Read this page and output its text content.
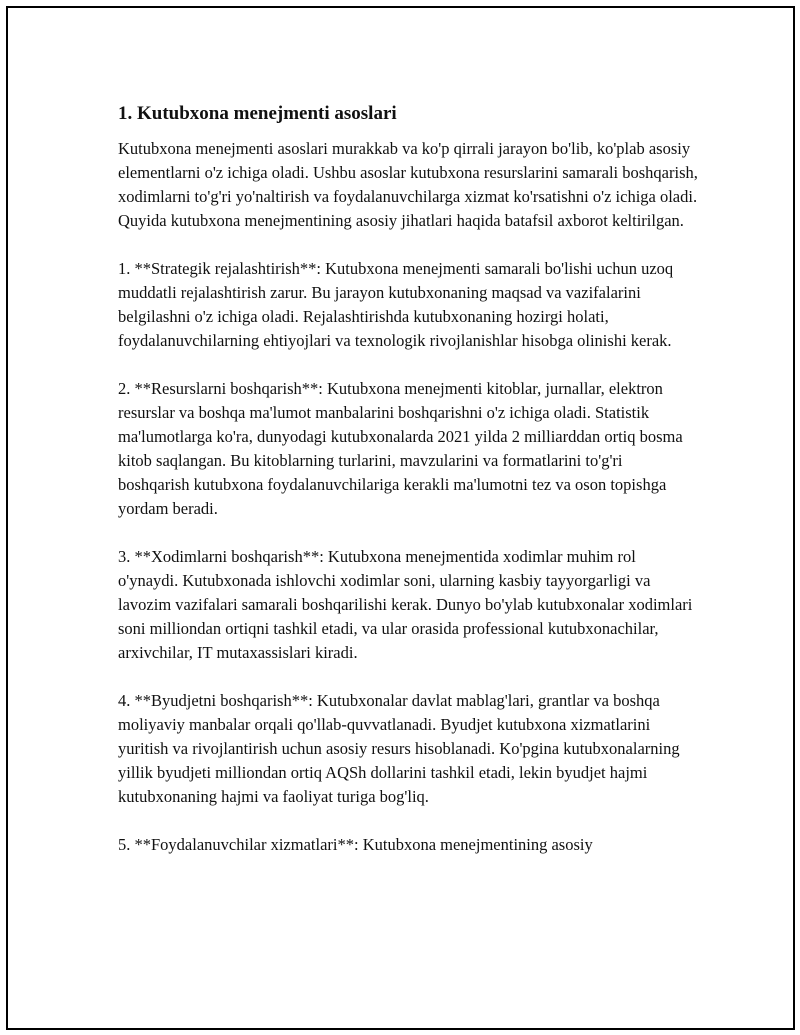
1. Kutubxona menejmenti asoslari

Kutubxona menejmenti asoslari murakkab va ko'p qirrali jarayon bo'lib, ko'plab asosiy elementlarni o'z ichiga oladi. Ushbu asoslar kutubxona resurslarini samarali boshqarish, xodimlarni to'g'ri yo'naltirish va foydalanuvchilarga xizmat ko'rsatishni o'z ichiga oladi. Quyida kutubxona menejmentining asosiy jihatlari haqida batafsil axborot keltirilgan.

1. **Strategik rejalashtirish**: Kutubxona menejmenti samarali bo'lishi uchun uzoq muddatli rejalashtirish zarur. Bu jarayon kutubxonaning maqsad va vazifalarini belgilashni o'z ichiga oladi. Rejalashtirishda kutubxonaning hozirgi holati, foydalanuvchilarning ehtiyojlari va texnologik rivojlanishlar hisobga olinishi kerak.

2. **Resurslarni boshqarish**: Kutubxona menejmenti kitoblar, jurnallar, elektron resurslar va boshqa ma'lumot manbalarini boshqarishni o'z ichiga oladi. Statistik ma'lumotlarga ko'ra, dunyodagi kutubxonalarda 2021 yilda 2 milliarddan ortiq bosma kitob saqlangan. Bu kitoblarning turlarini, mavzularini va formatlarini to'g'ri boshqarish kutubxona foydalanuvchilariga kerakli ma'lumotni tez va oson topishga yordam beradi.

3. **Xodimlarni boshqarish**: Kutubxona menejmentida xodimlar muhim rol o'ynaydi. Kutubxonada ishlovchi xodimlar soni, ularning kasbiy tayyorgarligi va lavozim vazifalari samarali boshqarilishi kerak. Dunyo bo'ylab kutubxonalar xodimlari soni milliondan ortiqni tashkil etadi, va ular orasida professional kutubxonachilar, arxivchilar, IT mutaxassislari kiradi.

4. **Byudjetni boshqarish**: Kutubxonalar davlat mablag'lari, grantlar va boshqa moliyaviy manbalar orqali qo'llab-quvvatlanadi. Byudjet kutubxona xizmatlarini yuritish va rivojlantirish uchun asosiy resurs hisoblanadi. Ko'pgina kutubxonalarning yillik byudjeti milliondan ortiq AQSh dollarini tashkil etadi, lekin byudjet hajmi kutubxonaning hajmi va faoliyat turiga bog'liq.

5. **Foydalanuvchilar xizmatlari**: Kutubxona menejmentining asosiy
